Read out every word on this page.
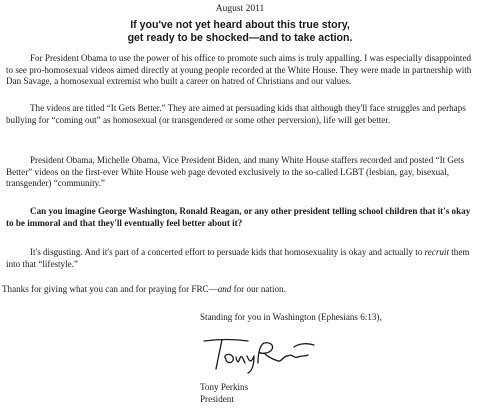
August 2011
If you've not yet heard about this true story,
get ready to be shocked—and to take action.

For President Obama to use the power of his office to promote such aims is truly appalling. I was especially disappointed to see pro-homosexual videos aimed directly at young people recorded at the White House. They were made in partnership with Dan Savage, a homosexual extremist who built a career on hatred of Christians and our values.

The videos are titled “It Gets Better.” They are aimed at persuading kids that although they'll face struggles and perhaps bullying for “coming out” as homosexual (or transgendered or some other perversion), life will get better.

President Obama, Michelle Obama, Vice President Biden, and many White House staffers recorded and posted “It Gets Better” videos on the first-ever White House web page devoted exclusively to the so-called LGBT (lesbian, gay, bisexual, transgender) “community.”

Can you imagine George Washington, Ronald Reagan, or any other president telling school children that it's okay to be immoral and that they'll eventually feel better about it?

It's disgusting. And it's part of a concerted effort to persuade kids that homosexuality is okay and actually to recruit them into that “lifestyle.”

Thanks for giving what you can and for praying for FRC—and for our nation.

Standing for you in Washington (Ephesians 6:13),
Tony Perkins
President
